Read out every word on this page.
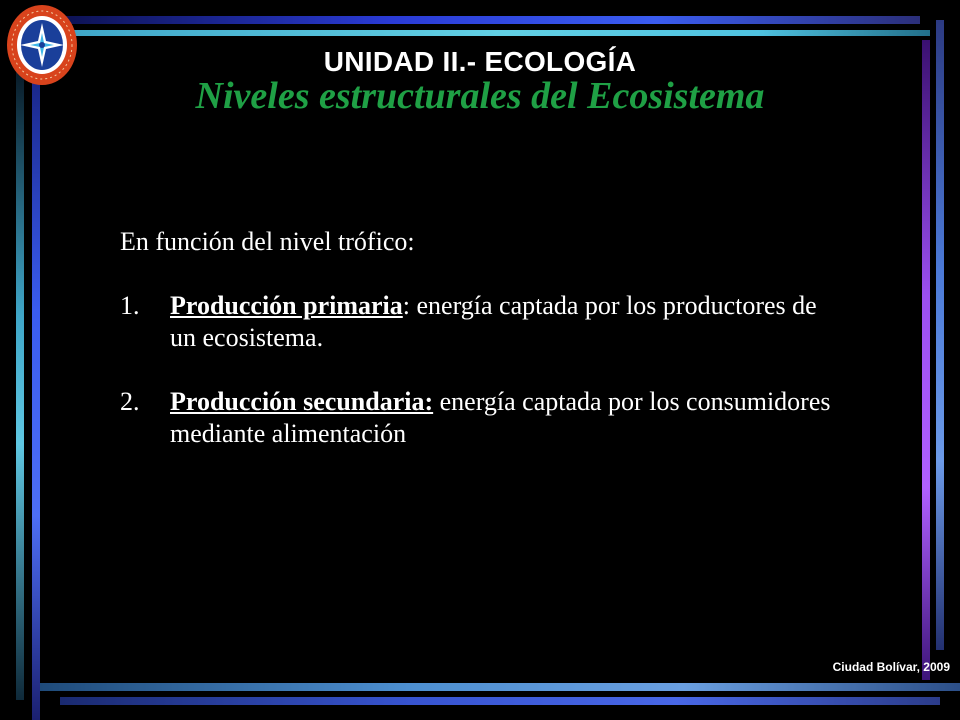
UNIDAD II.- ECOLOGÍA
Niveles estructurales del Ecosistema

En función del nivel trófico:

1. Producción primaria: energía captada por los productores de un ecosistema.
2. Producción secundaria: energía captada por los consumidores mediante alimentación
Ciudad Bolívar, 2009
